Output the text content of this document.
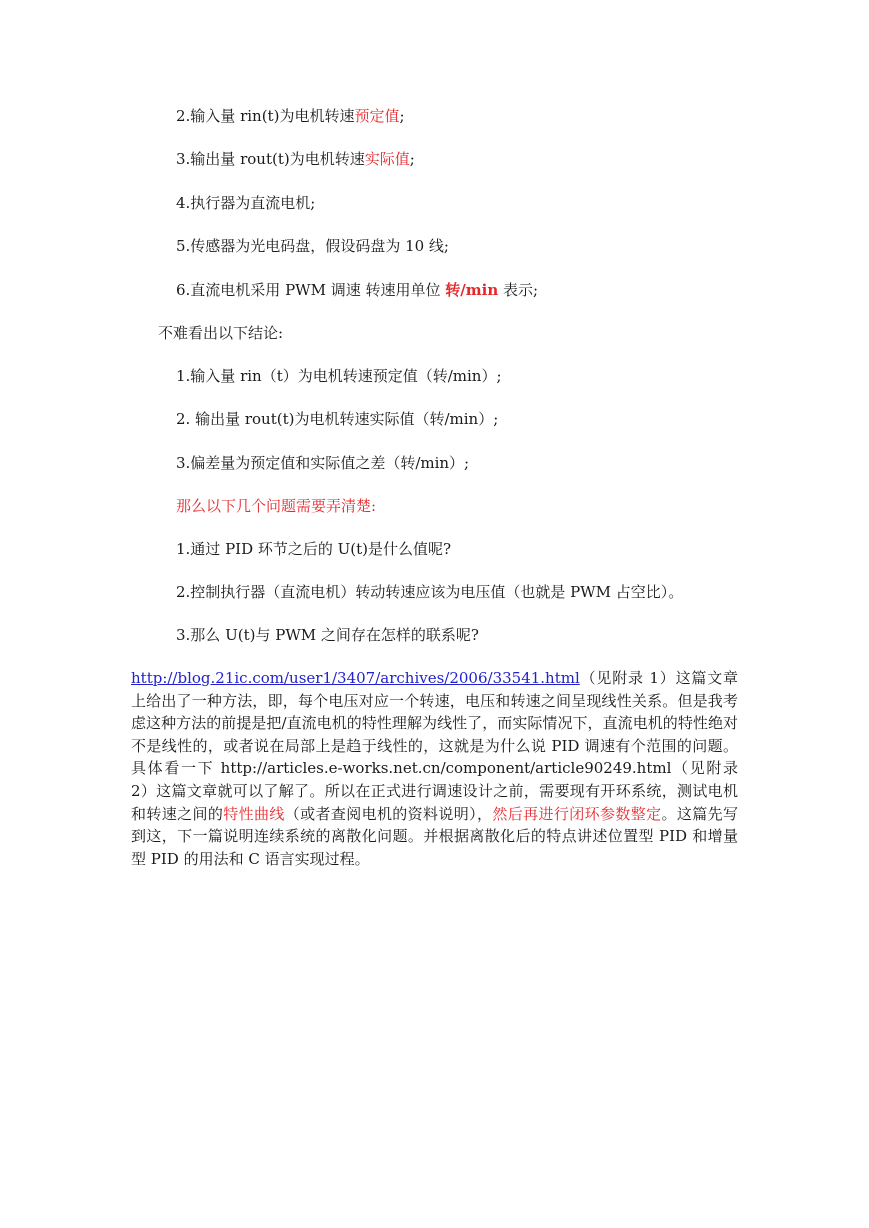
2.输入量 rin(t)为电机转速预定值;
3.输出量 rout(t)为电机转速实际值;
4.执行器为直流电机;
5.传感器为光电码盘，假设码盘为 10 线;
6.直流电机采用 PWM 调速 转速用单位 转/min 表示;
不难看出以下结论:
1.输入量 rin（t）为电机转速预定值（转/min）;
2. 输出量 rout(t)为电机转速实际值（转/min）;
3.偏差量为预定值和实际值之差（转/min）;
那么以下几个问题需要弄清楚:
1.通过 PID 环节之后的 U(t)是什么值呢?
2.控制执行器（直流电机）转动转速应该为电压值（也就是 PWM 占空比）。
3.那么 U(t)与 PWM 之间存在怎样的联系呢?
http://blog.21ic.com/user1/3407/archives/2006/33541.html（见附录 1）这篇文章上给出了一种方法，即，每个电压对应一个转速，电压和转速之间呈现线性关系。但是我考虑这种方法的前提是把/直流电机的特性理解为线性了，而实际情况下，直流电机的特性绝对不是线性的，或者说在局部上是趋于线性的，这就是为什么说 PID 调速有个范围的问题。具体看一下 http://articles.e-works.net.cn/component/article90249.html（见附录 2）这篇文章就可以了解了。所以在正式进行调速设计之前，需要现有开环系统，测试电机和转速之间的特性曲线（或者查阅电机的资料说明），然后再进行闭环参数整定。这篇先写到这，下一篇说明连续系统的离散化问题。并根据离散化后的特点讲述位置型 PID 和增量型 PID 的用法和 C 语言实现过程。
